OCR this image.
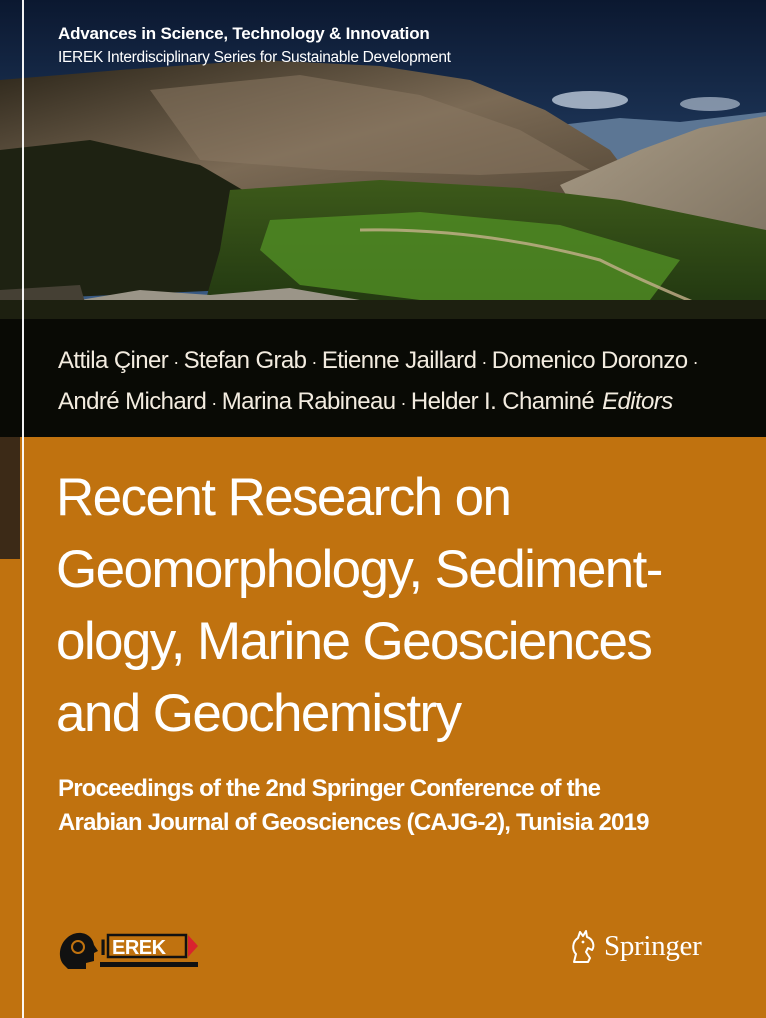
Advances in Science, Technology & Innovation
IEREK Interdisciplinary Series for Sustainable Development
Attila Çiner · Stefan Grab · Etienne Jaillard · Domenico Doronzo ·
André Michard · Marina Rabineau · Helder I. Chaminé Editors
Recent Research on
Geomorphology, Sediment-
ology, Marine Geosciences
and Geochemistry
Proceedings of the 2nd Springer Conference of the
Arabian Journal of Geosciences (CAJG-2), Tunisia 2019
I EREK	Springer
